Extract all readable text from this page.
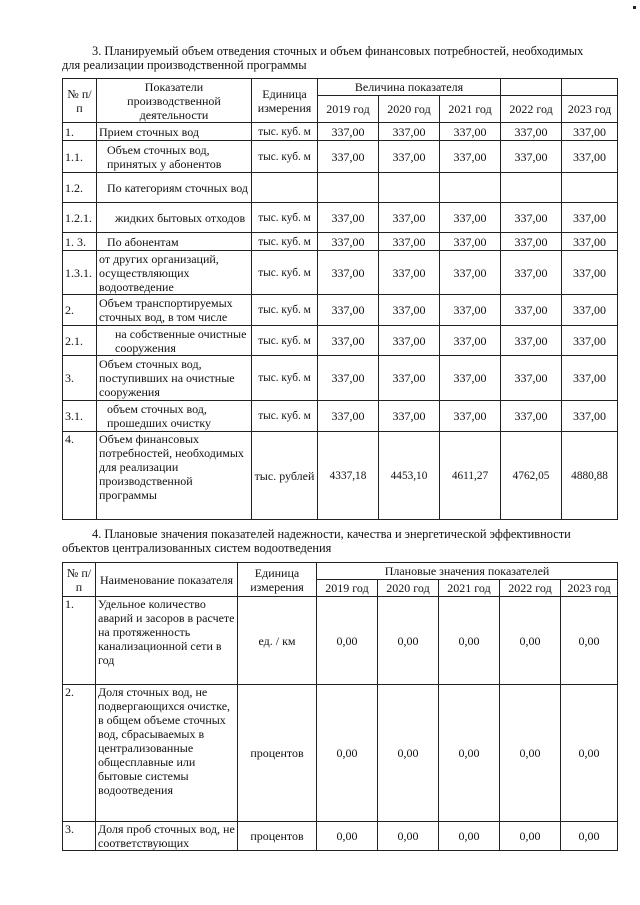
3. Планируемый объем отведения сточных и объем финансовых потребностей, необходимых
для реализации производственной программы
№ п/п	Показатели производственной деятельности	Единица измерения	Величина показателя				
			2019 год	2020 год	2021 год	2022 год	2023 год
1.	Прием сточных вод	тыс. куб. м	337,00	337,00	337,00	337,00	337,00
1.1.	Объем сточных вод, принятых у абонентов	тыс. куб. м	337,00	337,00	337,00	337,00	337,00
1.2.	По категориям сточных вод						
1.2.1.	жидких бытовых отходов	тыс. куб. м	337,00	337,00	337,00	337,00	337,00
1. 3.	По абонентам	тыс. куб. м	337,00	337,00	337,00	337,00	337,00
1.3.1.	от других организаций, осуществляющих водоотведение	тыс. куб. м	337,00	337,00	337,00	337,00	337,00
2.	Объем транспортируемых сточных вод, в том числе	тыс. куб. м	337,00	337,00	337,00	337,00	337,00
2.1.	на собственные очистные сооружения	тыс. куб. м	337,00	337,00	337,00	337,00	337,00
3.	Объем сточных вод, поступивших на очистные сооружения	тыс. куб. м	337,00	337,00	337,00	337,00	337,00
3.1.	объем сточных вод, прошедших очистку	тыс. куб. м	337,00	337,00	337,00	337,00	337,00
4.	Объем финансовых потребностей, необходимых для реализации производственной программы	тыс. рублей	4337,18	4453,10	4611,27	4762,05	4880,88
4. Плановые значения показателей надежности, качества и энергетической эффективности
объектов централизованных систем водоотведения
№ п/п	Наименование показателя	Единица измерения	Плановые значения показателей				
			2019 год	2020 год	2021 год	2022 год	2023 год
1.	Удельное количество аварий и засоров в расчете на протяженность канализационной сети в год	ед. / км	0,00	0,00	0,00	0,00	0,00
2.	Доля сточных вод, не подвергающихся очистке, в общем объеме сточных вод, сбрасываемых в централизованные общесплавные или бытовые системы водоотведения	процентов	0,00	0,00	0,00	0,00	0,00
3.	Доля проб сточных вод, не соответствующих	процентов	0,00	0,00	0,00	0,00	0,00
